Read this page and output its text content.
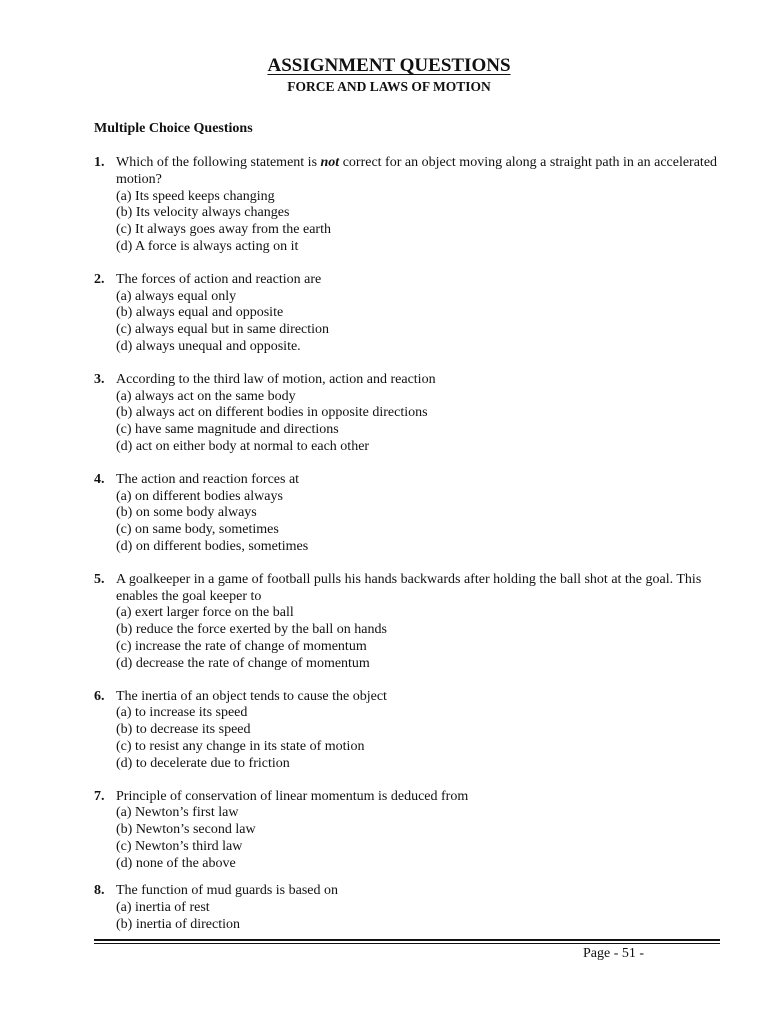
ASSIGNMENT QUESTIONS
FORCE AND LAWS OF MOTION
Multiple Choice Questions
1. Which of the following statement is not correct for an object moving along a straight path in an accelerated motion?
(a) Its speed keeps changing
(b) Its velocity always changes
(c) It always goes away from the earth
(d) A force is always acting on it
2. The forces of action and reaction are
(a) always equal only
(b) always equal and opposite
(c) always equal but in same direction
(d) always unequal and opposite.
3. According to the third law of motion, action and reaction
(a) always act on the same body
(b) always act on different bodies in opposite directions
(c) have same magnitude and directions
(d) act on either body at normal to each other
4. The action and reaction forces at
(a) on different bodies always
(b) on some body always
(c) on same body, sometimes
(d) on different bodies, sometimes
5. A goalkeeper in a game of football pulls his hands backwards after holding the ball shot at the goal. This enables the goal keeper to
(a) exert larger force on the ball
(b) reduce the force exerted by the ball on hands
(c) increase the rate of change of momentum
(d) decrease the rate of change of momentum
6. The inertia of an object tends to cause the object
(a) to increase its speed
(b) to decrease its speed
(c) to resist any change in its state of motion
(d) to decelerate due to friction
7. Principle of conservation of linear momentum is deduced from
(a) Newton’s first law
(b) Newton’s second law
(c) Newton’s third law
(d) none of the above
8. The function of mud guards is based on
(a) inertia of rest
(b) inertia of direction
Page - 51 -
